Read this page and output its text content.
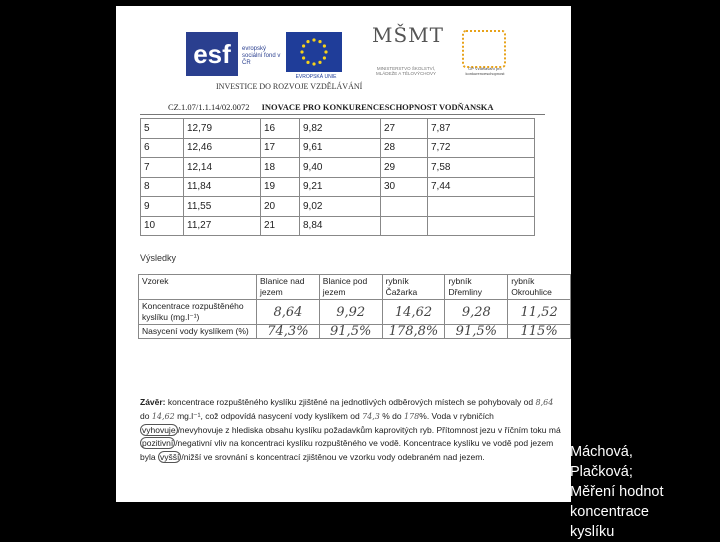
esf	evropský sociální fond v ČR
EVROPSKÁ UNIE
MŠMT
MINISTERSTVO ŠKOLSTVÍ, MLÁDEŽE A TĚLOVÝCHOVY
OP Vzdělávání pro konkurenceschopnost
INVESTICE DO ROZVOJE VZDĚLÁVÁNÍ
CZ.1.07/1.1.14/02.0072 INOVACE PRO KONKURENCESCHOPNOST VODŇANSKA
5	12,79	16	9,82	27	7,87
6	12,46	17	9,61	28	7,72
7	12,14	18	9,40	29	7,58
8	11,84	19	9,21	30	7,44
9	11,55	20	9,02		
10	11,27	21	8,84		
Výsledky
Vzorek	Blanice nad jezem	Blanice pod jezem	rybník Čažarka	rybník Dřemliny	rybník Okrouhlice
Koncentrace rozpuštěného kyslíku (mg.l⁻¹)	8,64	9,92	14,62	9,28	11,52
Nasycení vody kyslíkem (%)	74,3%	91,5%	178,8%	91,5%	115%
Závěr: koncentrace rozpuštěného kyslíku zjištěné na jednotlivých odběrových místech se pohybovaly od 8,64 do 14,62 mg.l⁻¹, což odpovídá nasycení vody kyslíkem od 74,3 % do 178%. Voda v rybničích vyhovuje /nevyhovuje z hlediska obsahu kyslíku požadavkům kaprovitých ryb. Přítomnost jezu v říčním toku má pozitivní /negativní vliv na koncentraci kyslíku rozpuštěného ve vodě. Koncentrace kyslíku ve vodě pod jezem byla vyšší /nižší ve srovnání s koncentrací zjištěnou ve vzorku vody odebraném nad jezem.	Máchová,
Plačková;
Měření hodnot
koncentrace
kyslíku
